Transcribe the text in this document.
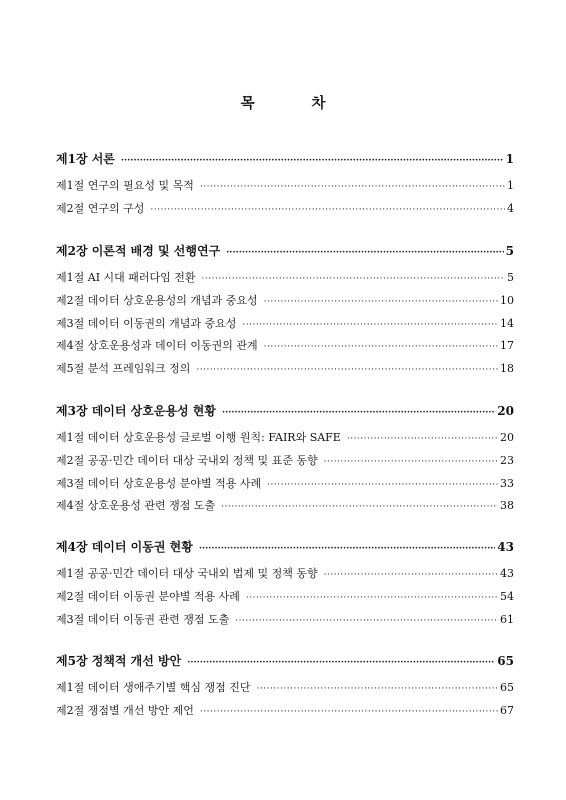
목 차
제1장 서론 ·····	1
제1절 연구의 필요성 및 목적 ·····	1
제2절 연구의 구성 ·····	4
제2장 이론적 배경 및 선행연구 ·····	5
제1절 AI 시대 패러다임 전환 ·····	5
제2절 데이터 상호운용성의 개념과 중요성 ·····	10
제3절 데이터 이동권의 개념과 중요성 ·····	14
제4절 상호운용성과 데이터 이동권의 관계 ·····	17
제5절 분석 프레임워크 정의 ·····	18
제3장 데이터 상호운용성 현황 ·····	20
제1절 데이터 상호운용성 글로벌 이행 원칙: FAIR와 SAFE ·····	20
제2절 공공·민간 데이터 대상 국내외 정책 및 표준 동향 ·····	23
제3절 데이터 상호운용성 분야별 적용 사례 ·····	33
제4절 상호운용성 관련 쟁점 도출 ·····	38
제4장 데이터 이동권 현황 ·····	43
제1절 공공·민간 데이터 대상 국내외 법제 및 정책 동향 ·····	43
제2절 데이터 이동권 분야별 적용 사례 ·····	54
제3절 데이터 이동권 관련 쟁점 도출 ·····	61
제5장 정책적 개선 방안 ·····	65
제1절 데이터 생애주기별 핵심 쟁점 진단 ·····	65
제2절 쟁점별 개선 방안 제언 ·····	67
